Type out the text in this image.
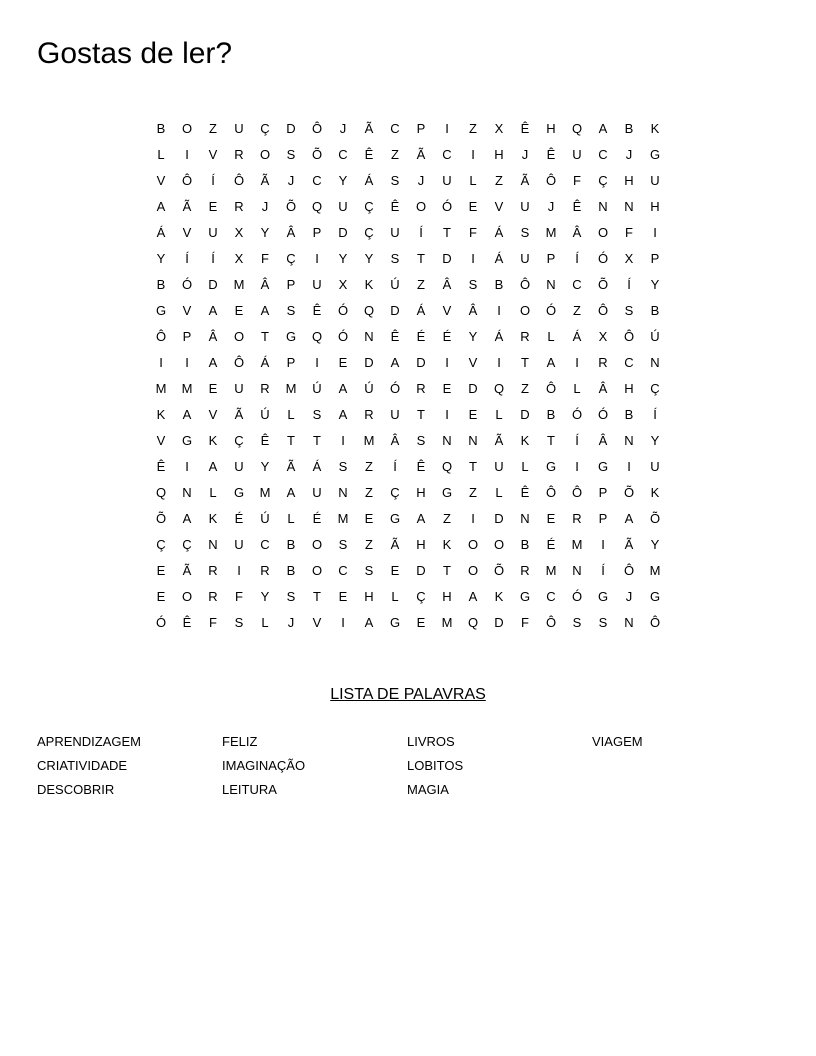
Gostas de ler?
B	O	Z	U	Ç	D	Ô	J	Ã	C	P	I	Z	X	Ê	H	Q	A	B	K
L	I	V	R	O	S	Õ	C	Ê	Z	Ã	C	I	H	J	Ê	U	C	J	G
V	Ô	Í	Ô	Ã	J	C	Y	Á	S	J	U	L	Z	Ã	Ô	F	Ç	H	U
A	Ã	E	R	J	Õ	Q	U	Ç	Ê	O	Ó	E	V	U	J	Ê	N	N	H
Á	V	U	X	Y	Â	P	D	Ç	U	Í	T	F	Á	S	M	Â	O	F	I
Y	Í	Í	X	F	Ç	I	Y	Y	S	T	D	I	Á	U	P	Í	Ó	X	P
B	Ó	D	M	Â	P	U	X	K	Ú	Z	Â	S	B	Ô	N	C	Õ	Í	Y
G	V	A	E	A	S	Ê	Ó	Q	D	Á	V	Â	I	O	Ó	Z	Ô	S	B
Ô	P	Â	O	T	G	Q	Ó	N	Ê	É	É	Y	Á	R	L	Á	X	Ô	Ú
I	I	A	Ô	Á	P	I	E	D	A	D	I	V	I	T	A	I	R	C	N
M	M	E	U	R	M	Ú	A	Ú	Ó	R	E	D	Q	Z	Ô	L	Â	H	Ç
K	A	V	Ã	Ú	L	S	A	R	U	T	I	E	L	D	B	Ó	Ó	B	Í
V	G	K	Ç	Ê	T	T	I	M	Â	S	N	N	Ã	K	T	Í	Â	N	Y
Ê	I	A	U	Y	Ã	Á	S	Z	Í	Ê	Q	T	U	L	G	I	G	I	U
Q	N	L	G	M	A	U	N	Z	Ç	H	G	Z	L	Ê	Ô	Ô	P	Õ	K
Õ	A	K	É	Ú	L	É	M	E	G	A	Z	I	D	N	E	R	P	A	Õ
Ç	Ç	N	U	C	B	O	S	Z	Ã	H	K	O	O	B	É	M	I	Ã	Y
E	Ã	R	I	R	B	O	C	S	E	D	T	O	Õ	R	M	N	Í	Ô	M
E	O	R	F	Y	S	T	E	H	L	Ç	H	A	K	G	C	Ó	G	J	G
Ó	Ê	F	S	L	J	V	I	A	G	E	M	Q	D	F	Ô	S	S	N	Ô
LISTA DE PALAVRAS
APRENDIZAGEM
CRIATIVIDADE
DESCOBRIR
FELIZ
IMAGINAÇÃO
LEITURA
LIVROS
LOBITOS
MAGIA
VIAGEM
